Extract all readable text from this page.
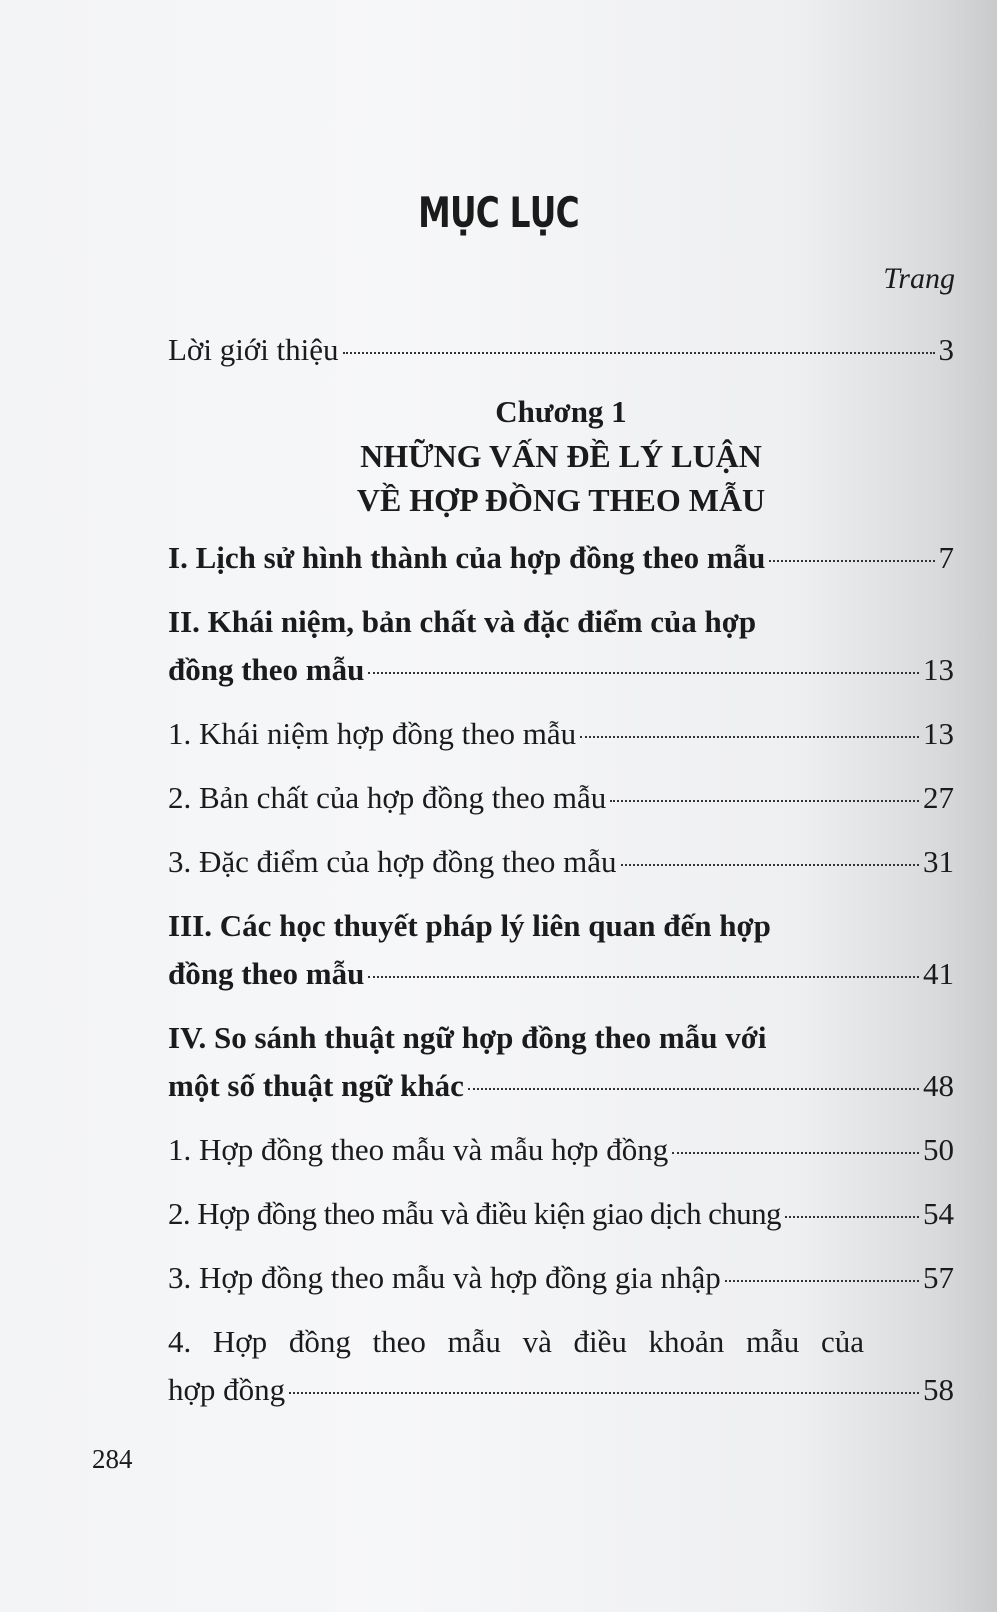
MỤC LỤC
Trang
Lời giới thiệu	3
Chương 1
NHỮNG VẤN ĐỀ LÝ LUẬN
VỀ HỢP ĐỒNG THEO MẪU
I. Lịch sử hình thành của hợp đồng theo mẫu	7
II. Khái niệm, bản chất và đặc điểm của hợp
đồng theo mẫu	13
1. Khái niệm hợp đồng theo mẫu	13
2. Bản chất của hợp đồng theo mẫu	27
3. Đặc điểm của hợp đồng theo mẫu	31
III. Các học thuyết pháp lý liên quan đến hợp
đồng theo mẫu	41
IV. So sánh thuật ngữ hợp đồng theo mẫu với
một số thuật ngữ khác	48
1. Hợp đồng theo mẫu và mẫu hợp đồng	50
2. Hợp đồng theo mẫu và điều kiện giao dịch chung	54
3. Hợp đồng theo mẫu và hợp đồng gia nhập	57
4. Hợp đồng theo mẫu và điều khoản mẫu của
hợp đồng	58
284
